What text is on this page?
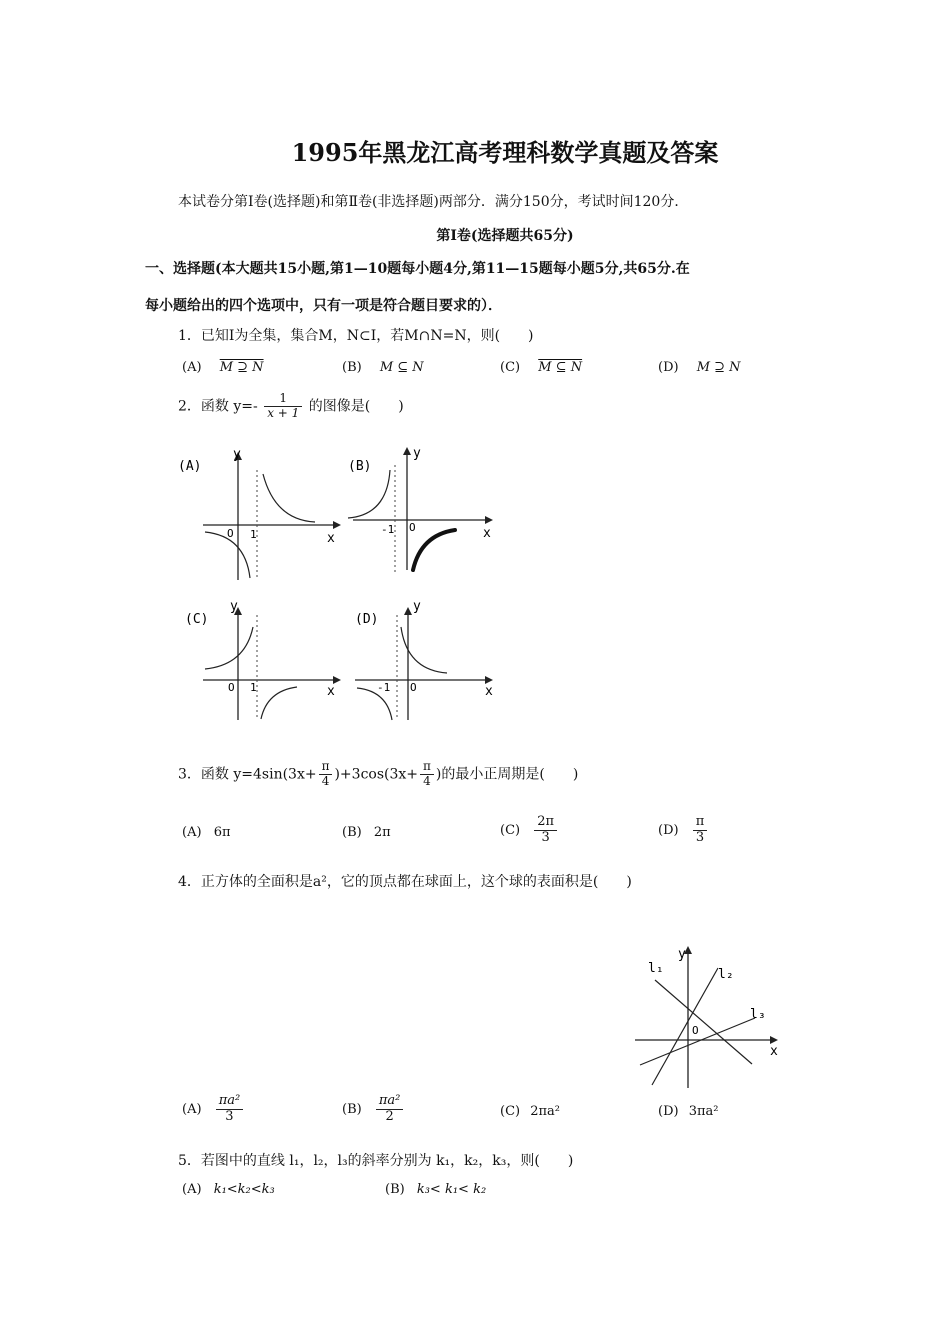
1995年黑龙江高考理科数学真题及答案
本试卷分第Ⅰ卷(选择题)和第Ⅱ卷(非选择题)两部分．满分150分，考试时间120分．
第Ⅰ卷(选择题共65分)
一、选择题(本大题共15小题,第1—10题每小题4分,第11—15题每小题5分,共65分.在
每小题给出的四个选项中，只有一项是符合题目要求的）．
1．已知I为全集，集合M，N⊂I，若M∩N=N，则(　　)
(A) M ⊇ N	(B) M ⊆ N	(C) M ⊆ N	(D) M ⊇ N
2．函数 $y=- \frac{1}{x + 1}$ 的图像是(　　)
(A)
y
x
O 1
(B)
y
x
O
-1
(C)
y
x
O 1
(D)
y
x
O
-1
3．函数 $y=4\sin(3x+ \frac{\pi}{4} )+3\cos(3x+ \frac{\pi}{4}$ )的最小正周期是(　　)
(A) 6π	(B) 2π	$(C) \frac{2\pi}{3}$	$(D) \frac{\pi}{3}$
4．正方体的全面积是a²，它的顶点都在球面上，这个球的表面积是(　　)
y
x
O
l₁	l₂
l₃
$(A) \frac{\text{πa²}}{3}$	$(B) \frac{\text{πa²}}{2}$	(C) 2πa²	(D) 3πa²
5．若图中的直线 l₁，l₂，l₃的斜率分别为 k₁，k₂，k₃，则(　　)
(A) k₁<k₂<k₃	(B) k₃< k₁< k₂
